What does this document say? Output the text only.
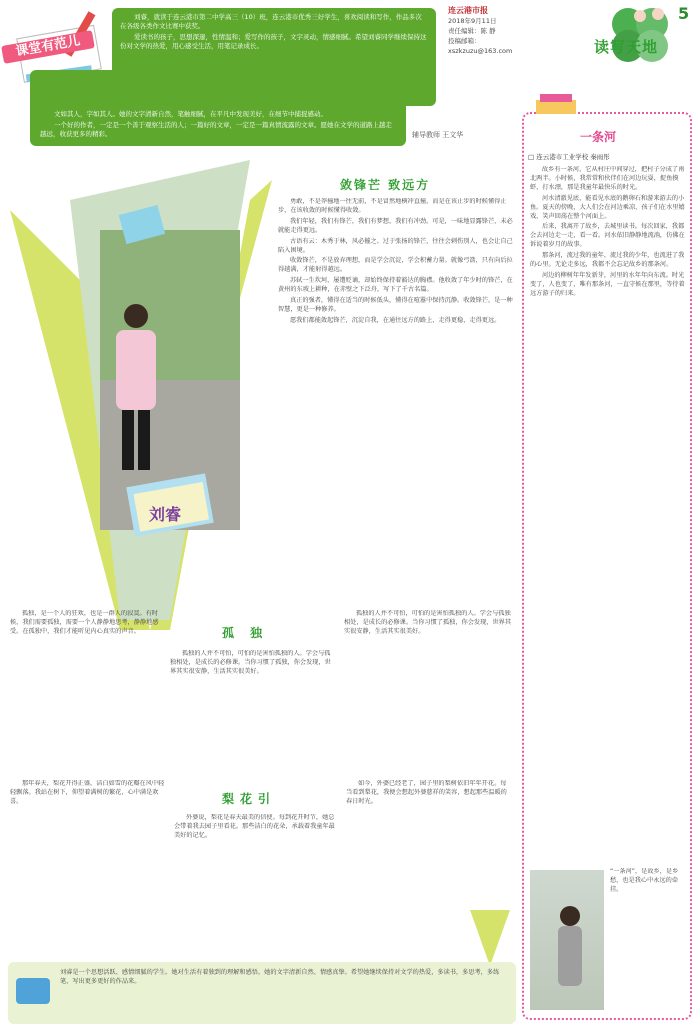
课堂有范儿

文如其人，字如其人。她的文字清新自然，笔触细腻，在平凡中发现美好，在细节中捕捉感动。

一个好的作者，一定是一个善于观察生活的人；一篇好的文章，一定是一篇真情流露的文章。愿她在文学的道路上越走越远，收获更多的精彩。

刘睿，就读于连云港市第二中学高三（10）班，连云港市优秀三好学生，喜欢阅读和写作，作品多次在各级各类作文比赛中获奖。

爱读书的孩子，思想深邃，性情温和；爱写作的孩子，文字灵动，情感细腻。希望刘睿同学继续保持这份对文学的热爱，用心感受生活，用笔记录成长。

辅导教师 王文华
连云港市报
2018年9月11日
责任编辑：陈 静
投稿邮箱：
xszkzuzu@163.com	读写天地
5
刘睿
敛锋芒 致远方

勇敢，不是莽撞地一往无前，不是冒然地横冲直撞，而是在该止步的时候懂得止步，在该收敛的时候懂得收敛。

我们年轻，我们有锋芒，我们有梦想，我们有冲劲。可是，一味地显露锋芒，未必就能走得更远。

古语有云：木秀于林，风必摧之。过于张扬的锋芒，往往会刺伤别人，也会让自己陷入困境。

收敛锋芒，不是放弃理想，而是学会沉淀，学会积蓄力量。就像弓箭，只有向后拉得越满，才能射得越远。

苏轼一生坎坷，屡遭贬谪，却始终保持着豁达的胸襟。他收敛了年少时的锋芒，在黄州的东坡上耕种，在赤壁之下泛舟，写下了千古名篇。

真正的强者，懂得在适当的时候低头，懂得在喧嚣中保持沉静。收敛锋芒，是一种智慧，更是一种修养。

愿我们都能敛起锋芒，沉淀自我，在通往远方的路上，走得更稳，走得更远。

孤独，是一个人的狂欢，也是一群人的寂寞。有时候，我们需要孤独，需要一个人静静地思考，静静地感受。在孤独中，我们才能听见内心真实的声音。	孤 独

孤独的人并不可怕，可怕的是害怕孤独的人。学会与孤独相处，是成长的必修课。当你习惯了孤独，你会发现，世界其实很安静，生活其实很美好。

孤独的人并不可怕，可怕的是害怕孤独的人。学会与孤独相处，是成长的必修课。当你习惯了孤独，你会发现，世界其实很安静，生活其实很美好。

梨花引

那年春天，梨花开得正盛，洁白如雪的花瓣在风中轻轻飘落。我站在树下，仰望着满树的繁花，心中满是欢喜。

外婆说，梨花是春天最美的信使。每到花开时节，她总会带着我去园子里看花。那些洁白的花朵，承载着我童年最美好的记忆。

如今，外婆已经老了，园子里的梨树依旧年年开花。每当看到梨花，我便会想起外婆慈祥的笑容，想起那些温暖的春日时光。

一条河
□ 连云港市工业学校 秦雨彤

故乡有一条河，它从村庄中间穿过，把村子分成了南北两半。小时候，我常常和伙伴们在河边玩耍，捉鱼摸虾，打水漂，那是我童年最快乐的时光。

河水清澈见底，能看见水底的鹅卵石和游来游去的小鱼。夏天的傍晚，大人们会在河边乘凉，孩子们在水里嬉戏，笑声回荡在整个河面上。

后来，我离开了故乡，去城里读书。每次回家，我都会去河边走一走，看一看。河水依旧静静地流淌，仿佛在诉说着岁月的故事。

那条河，流过我的童年，流过我的少年，也流进了我的心里。无论走多远，我都不会忘记故乡的那条河。

河边的柳树年年发新芽，河里的水年年向东流。时光变了，人也变了，唯有那条河，一直守候在那里，等待着远方游子的归来。

“一条河”，是故乡，是乡愁，也是我心中永远的牵挂。
刘睿是一个思想活跃、感情细腻的学生。她对生活有着独到的理解和感悟，她的文字清新自然、情感真挚。希望她继续保持对文学的热爱，多读书，多思考，多练笔，写出更多更好的作品来。
